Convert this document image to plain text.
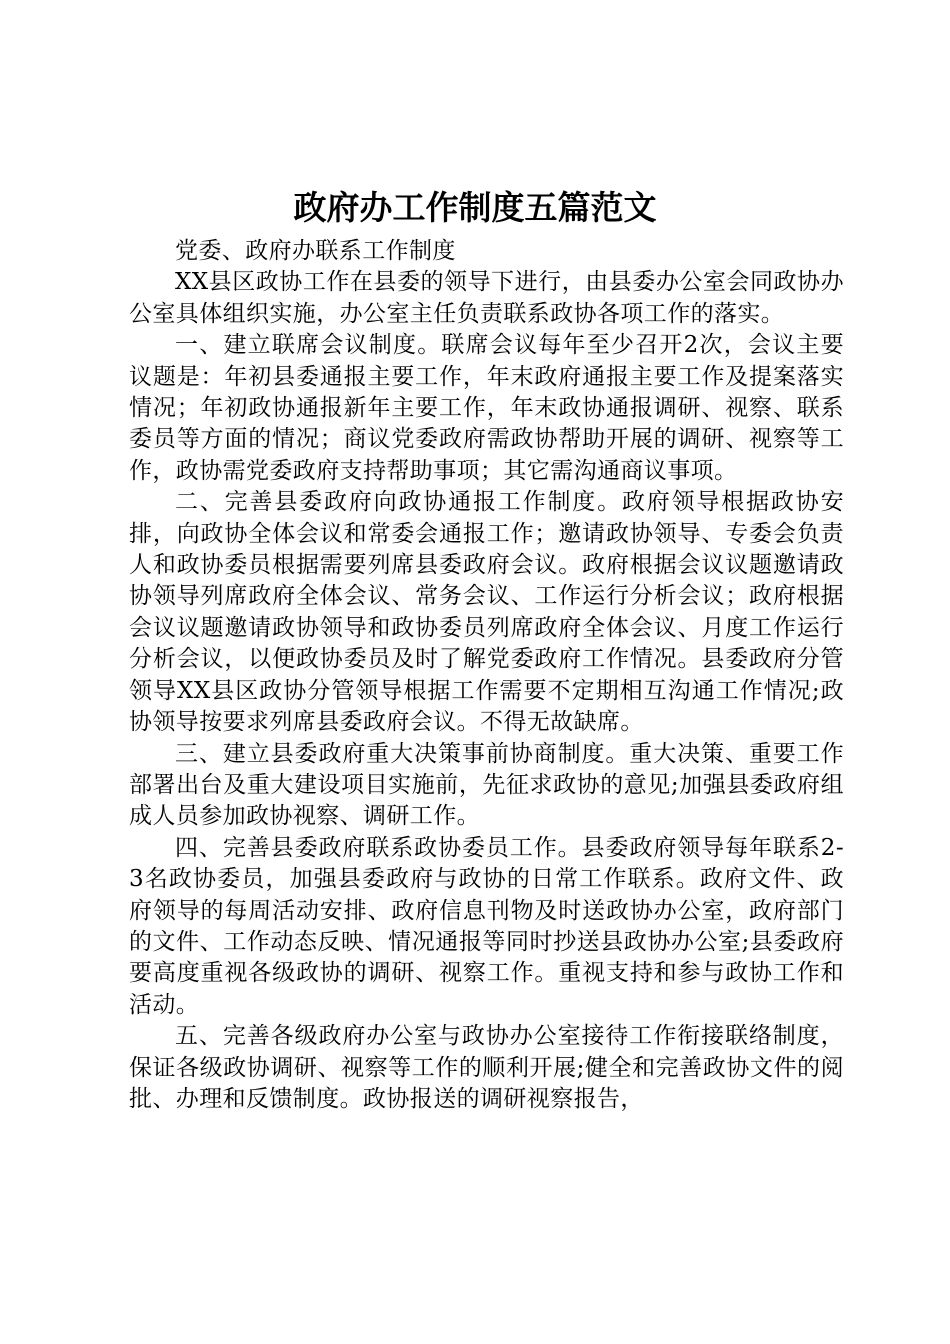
政府办工作制度五篇范文

党委、政府办联系工作制度

XX县区政协工作在县委的领导下进行，由县委办公室会同政协办公室具体组织实施，办公室主任负责联系政协各项工作的落实。

一、建立联席会议制度。联席会议每年至少召开2次，会议主要议题是：年初县委通报主要工作，年末政府通报主要工作及提案落实情况；年初政协通报新年主要工作，年末政协通报调研、视察、联系委员等方面的情况；商议党委政府需政协帮助开展的调研、视察等工作，政协需党委政府支持帮助事项；其它需沟通商议事项。

二、完善县委政府向政协通报工作制度。政府领导根据政协安排，向政协全体会议和常委会通报工作；邀请政协领导、专委会负责人和政协委员根据需要列席县委政府会议。政府根据会议议题邀请政协领导列席政府全体会议、常务会议、工作运行分析会议；政府根据会议议题邀请政协领导和政协委员列席政府全体会议、月度工作运行分析会议，以便政协委员及时了解党委政府工作情况。县委政府分管领导XX县区政协分管领导根据工作需要不定期相互沟通工作情况;政协领导按要求列席县委政府会议。不得无故缺席。

三、建立县委政府重大决策事前协商制度。重大决策、重要工作部署出台及重大建设项目实施前，先征求政协的意见;加强县委政府组成人员参加政协视察、调研工作。

四、完善县委政府联系政协委员工作。县委政府领导每年联系2-3名政协委员，加强县委政府与政协的日常工作联系。政府文件、政府领导的每周活动安排、政府信息刊物及时送政协办公室，政府部门的文件、工作动态反映、情况通报等同时抄送县政协办公室;县委政府要高度重视各级政协的调研、视察工作。重视支持和参与政协工作和活动。

五、完善各级政府办公室与政协办公室接待工作衔接联络制度，保证各级政协调研、视察等工作的顺利开展;健全和完善政协文件的阅批、办理和反馈制度。政协报送的调研视察报告，
